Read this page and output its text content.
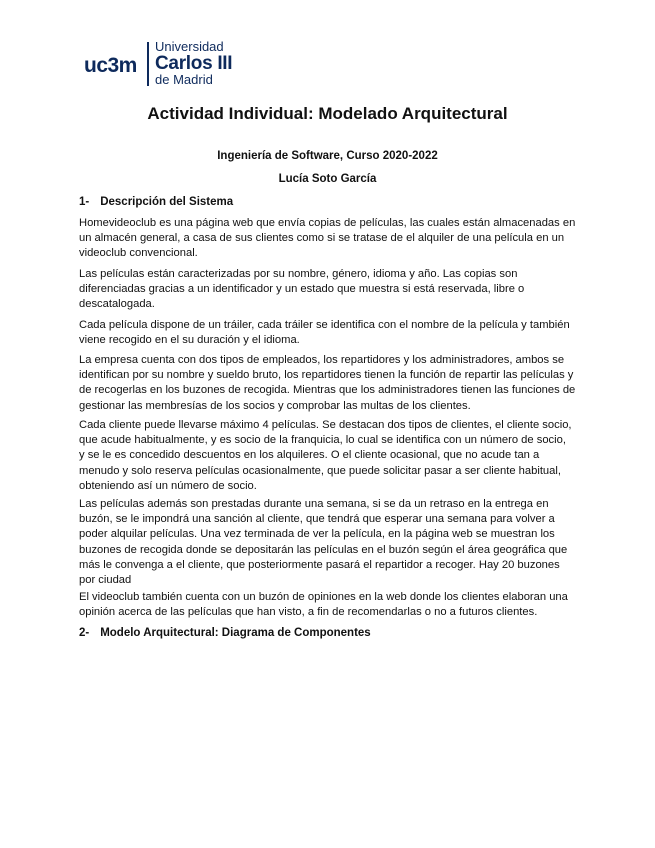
uc3m
Universidad
Carlos III
de Madrid
Actividad Individual: Modelado Arquitectural
Ingeniería de Software, Curso 2020-2022
Lucía Soto García
1- Descripción del Sistema
Homevideoclub es una página web que envía copias de películas, las cuales están almacenadas en
un almacén general, a casa de sus clientes como si se tratase de el alquiler de una película en un
videoclub convencional.
Las películas están caracterizadas por su nombre, género, idioma y año. Las copias son
diferenciadas gracias a un identificador y un estado que muestra si está reservada, libre o
descatalogada.
Cada película dispone de un tráiler, cada tráiler se identifica con el nombre de la película y también
viene recogido en el su duración y el idioma.
La empresa cuenta con dos tipos de empleados, los repartidores y los administradores, ambos se
identifican por su nombre y sueldo bruto, los repartidores tienen la función de repartir las películas y
de recogerlas en los buzones de recogida. Mientras que los administradores tienen las funciones de
gestionar las membresías de los socios y comprobar las multas de los clientes.
Cada cliente puede llevarse máximo 4 películas. Se destacan dos tipos de clientes, el cliente socio,
que acude habitualmente, y es socio de la franquicia, lo cual se identifica con un número de socio,
y se le es concedido descuentos en los alquileres. O el cliente ocasional, que no acude tan a
menudo y solo reserva películas ocasionalmente, que puede solicitar pasar a ser cliente habitual,
obteniendo así un número de socio.
Las películas además son prestadas durante una semana, si se da un retraso en la entrega en
buzón, se le impondrá una sanción al cliente, que tendrá que esperar una semana para volver a
poder alquilar películas. Una vez terminada de ver la película, en la página web se muestran los
buzones de recogida donde se depositarán las películas en el buzón según el área geográfica que
más le convenga a el cliente, que posteriormente pasará el repartidor a recoger. Hay 20 buzones
por ciudad
El videoclub también cuenta con un buzón de opiniones en la web donde los clientes elaboran una
opinión acerca de las películas que han visto, a fin de recomendarlas o no a futuros clientes.
2- Modelo Arquitectural: Diagrama de Componentes
